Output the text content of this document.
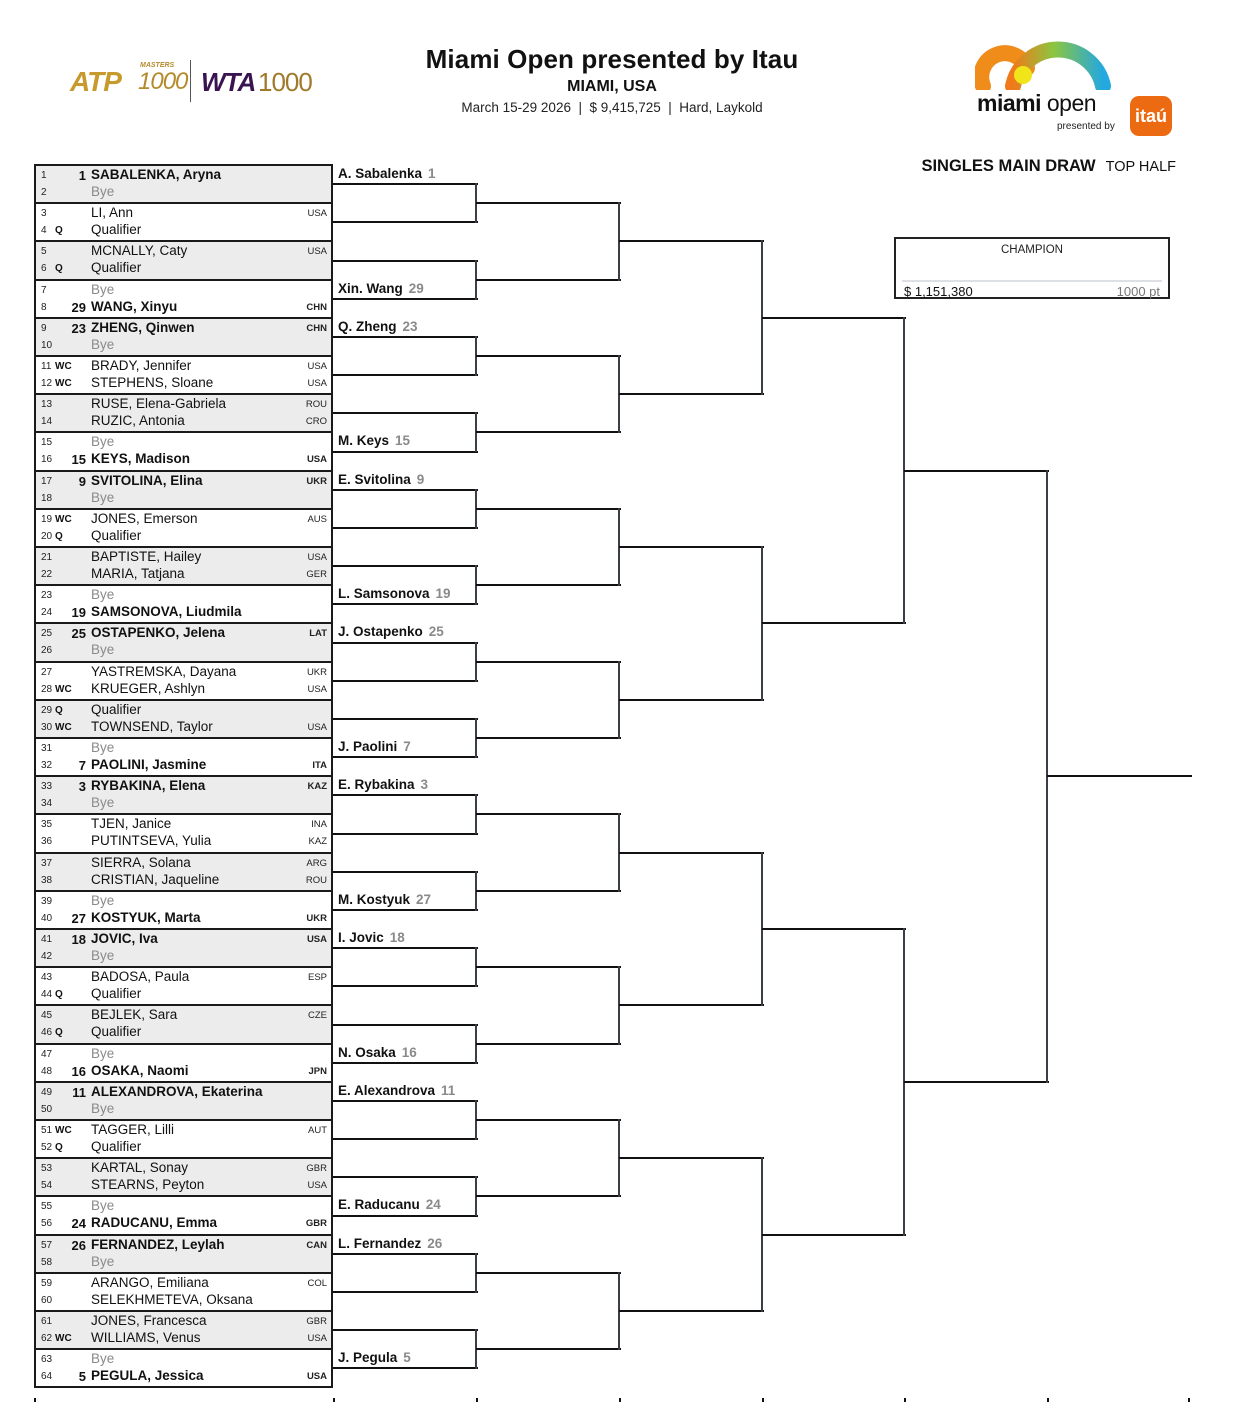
ATP
MASTERS
1000 WTA 1000
Miami Open presented by Itau
MIAMI, USA
March 15-29 2026  |  $ 9,415,725  |  Hard, Laykold	miami open
presented by
itaú
SINGLES MAIN DRAW TOP HALF
CHAMPION
$ 1,151,380	1000 pt
1 1 SABALENKA, Aryna
2	Bye
3	LI, Ann	USA
4 Q Qualifier
5	MCNALLY, Caty	USA
6 Q Qualifier
7	Bye
8 29 WANG, Xinyu	CHN
9 23 ZHENG, Qinwen	CHN
10	Bye
11 WC BRADY, Jennifer	USA
12 WC STEPHENS, Sloane	USA
13	RUSE, Elena-Gabriela	ROU
14	RUZIC, Antonia	CRO
15	Bye
16 15 KEYS, Madison	USA
17 9 SVITOLINA, Elina	UKR
18	Bye
19 WC JONES, Emerson	AUS
20 Q Qualifier
21	BAPTISTE, Hailey	USA
22	MARIA, Tatjana	GER
23	Bye
24 19 SAMSONOVA, Liudmila
25 25 OSTAPENKO, Jelena	LAT
26	Bye
27	YASTREMSKA, Dayana	UKR
28 WC KRUEGER, Ashlyn	USA
29 Q Qualifier
30 WC TOWNSEND, Taylor	USA
31	Bye
32 7 PAOLINI, Jasmine	ITA
33 3 RYBAKINA, Elena	KAZ
34	Bye
35	TJEN, Janice	INA
36	PUTINTSEVA, Yulia	KAZ
37	SIERRA, Solana	ARG
38	CRISTIAN, Jaqueline	ROU
39	Bye
40 27 KOSTYUK, Marta	UKR
41 18 JOVIC, Iva	USA
42	Bye
43	BADOSA, Paula	ESP
44 Q Qualifier
45	BEJLEK, Sara	CZE
46 Q Qualifier
47	Bye
48 16 OSAKA, Naomi	JPN
49 11 ALEXANDROVA, Ekaterina
50	Bye
51 WC TAGGER, Lilli	AUT
52 Q Qualifier
53	KARTAL, Sonay	GBR
54	STEARNS, Peyton	USA
55	Bye
56 24 RADUCANU, Emma	GBR
57 26 FERNANDEZ, Leylah	CAN
58	Bye
59	ARANGO, Emiliana	COL
60	SELEKHMETEVA, Oksana
61	JONES, Francesca	GBR
62 WC WILLIAMS, Venus	USA
63	Bye
64 5 PEGULA, Jessica	USA
A. Sabalenka 1
Xin. Wang 29
Q. Zheng 23
M. Keys 15
E. Svitolina 9
L. Samsonova 19
J. Ostapenko 25
J. Paolini 7
E. Rybakina 3
M. Kostyuk 27
I. Jovic 18
N. Osaka 16
E. Alexandrova 11
E. Raducanu 24
L. Fernandez 26
J. Pegula 5
